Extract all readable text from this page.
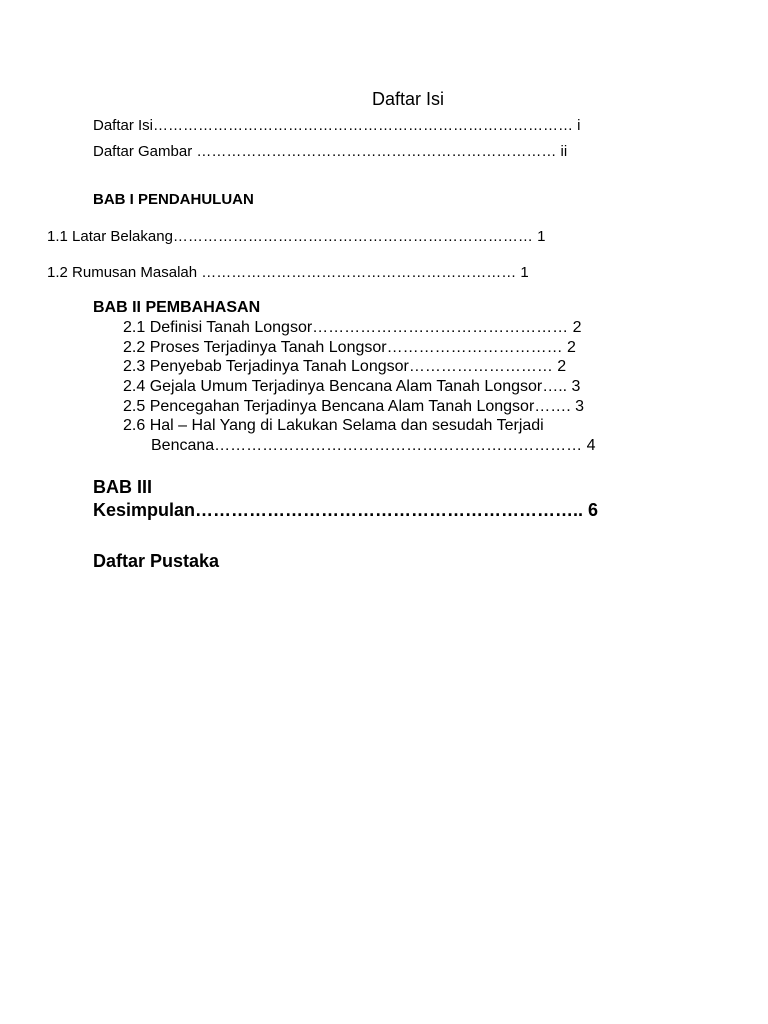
Daftar Isi
Daftar Isi………………………………………………………………………… i
Daftar Gambar ……………………………………………………………… ii
BAB I PENDAHULUAN
1.1 Latar Belakang……………………………………………………………… 1
1.2 Rumusan Masalah ……………………………………………………… 1
BAB II PEMBAHASAN
2.1 Definisi Tanah Longsor………………………………………… 2
2.2 Proses Terjadinya Tanah Longsor…………………………… 2
2.3 Penyebab Terjadinya Tanah Longsor……………………… 2
2.4 Gejala Umum Terjadinya Bencana Alam Tanah Longsor….. 3
2.5 Pencegahan Terjadinya Bencana Alam Tanah Longsor……. 3
2.6 Hal – Hal Yang di Lakukan Selama dan sesudah Terjadi
Bencana…………………………………………………………… 4
BAB III
Kesimpulan……………………………………………………….. 6
Daftar Pustaka
